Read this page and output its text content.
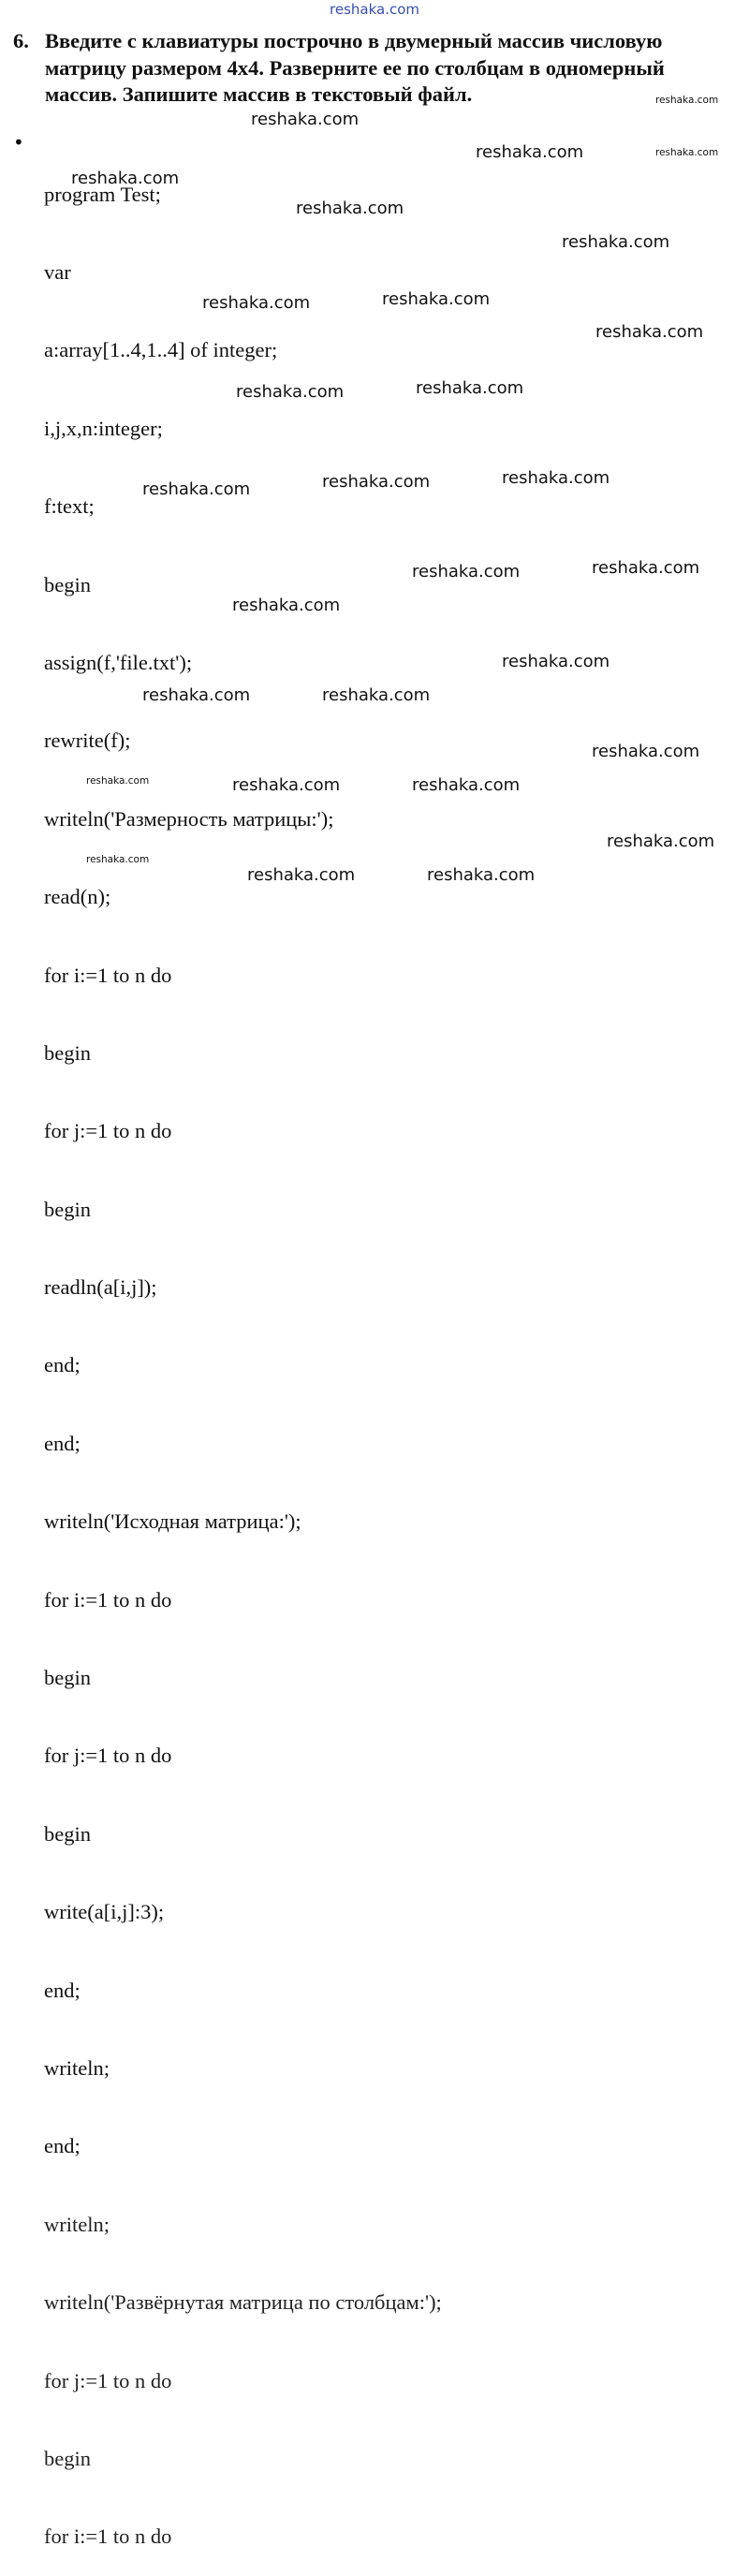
reshaka.com
6. Введите с клавиатуры построчно в двумерный массив числовую
матрицу размером 4х4. Разверните ее по столбцам в одномерный
массив. Запишите массив в текстовый файл.
•

program Test;

var

a:array[1..4,1..4] of integer;

i,j,x,n:integer;

f:text;

begin

assign(f,'file.txt');

rewrite(f);

writeln('Размерность матрицы:');

read(n);

for i:=1 to n do

begin

for j:=1 to n do

begin

readln(a[i,j]);

end;

end;

writeln('Исходная матрица:');

for i:=1 to n do

begin

for j:=1 to n do

begin

write(a[i,j]:3);

end;

writeln;

end;

writeln;

writeln('Развёрнутая матрица по столбцам:');

for j:=1 to n do

begin

for i:=1 to n do

reshaka.com
reshaka.com
reshaka.com	reshaka.com
reshaka.com
reshaka.com
reshaka.com
reshaka.com
reshaka.com
reshaka.com
reshaka.com
reshaka.com
reshaka.com
reshaka.com
reshaka.com
reshaka.com
reshaka.com
reshaka.com
reshaka.com
reshaka.com	reshaka.com
reshaka.com
reshaka.com	reshaka.com	reshaka.com
reshaka.com
reshaka.com
reshaka.com	reshaka.com
